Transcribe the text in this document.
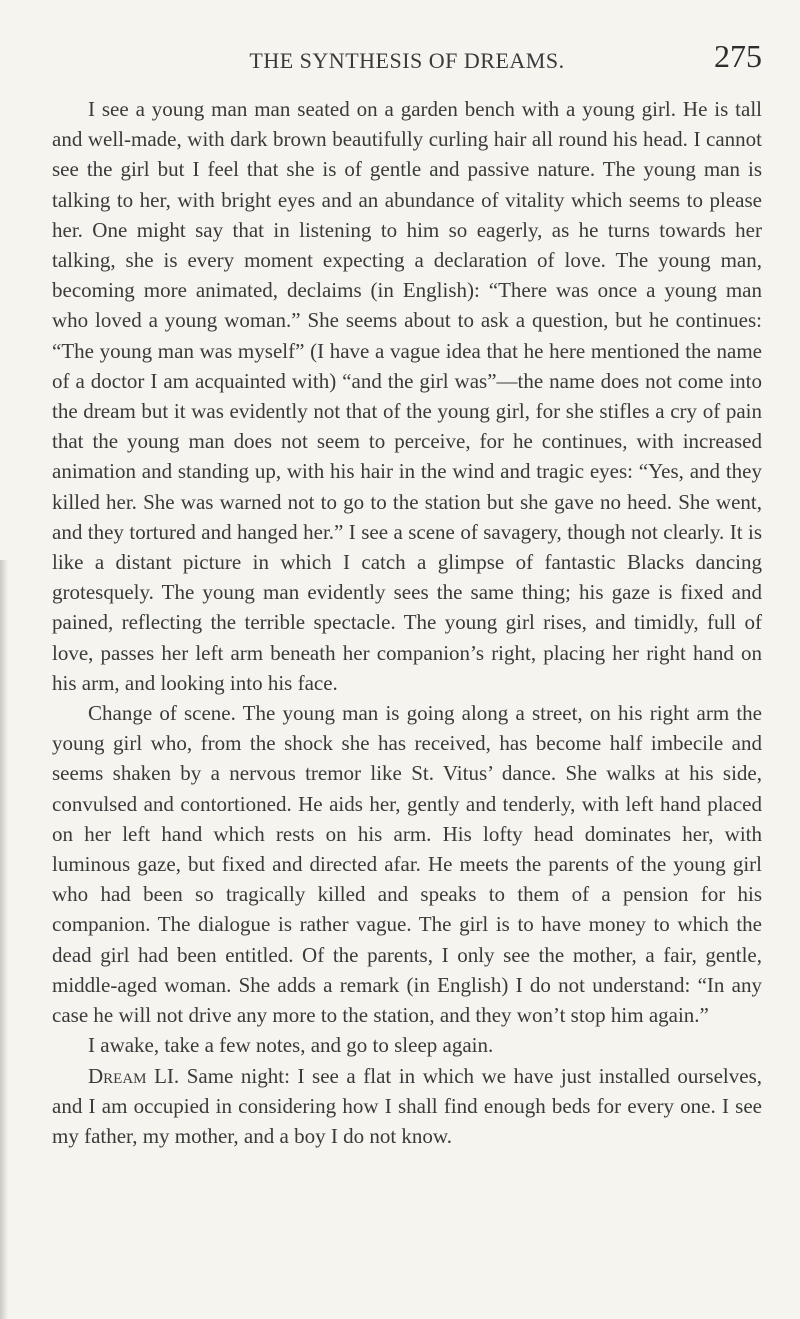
THE SYNTHESIS OF DREAMS.	275

I see a young man man seated on a garden bench with a young girl. He is tall and well-made, with dark brown beautifully curling hair all round his head. I cannot see the girl but I feel that she is of gentle and passive nature. The young man is talking to her, with bright eyes and an abundance of vitality which seems to please her. One might say that in listening to him so eagerly, as he turns towards her talking, she is every moment expecting a declaration of love. The young man, becoming more animated, declaims (in English): “There was once a young man who loved a young woman.” She seems about to ask a question, but he continues: “The young man was myself” (I have a vague idea that he here mentioned the name of a doctor I am acquainted with) “and the girl was”—the name does not come into the dream but it was evidently not that of the young girl, for she stifles a cry of pain that the young man does not seem to perceive, for he continues, with increased animation and standing up, with his hair in the wind and tragic eyes: “Yes, and they killed her. She was warned not to go to the station but she gave no heed. She went, and they tortured and hanged her.” I see a scene of savagery, though not clearly. It is like a distant picture in which I catch a glimpse of fantastic Blacks dancing grotesquely. The young man evidently sees the same thing; his gaze is fixed and pained, reflecting the terrible spectacle. The young girl rises, and timidly, full of love, passes her left arm beneath her companion’s right, placing her right hand on his arm, and looking into his face.

Change of scene. The young man is going along a street, on his right arm the young girl who, from the shock she has received, has become half imbecile and seems shaken by a nervous tremor like St. Vitus’ dance. She walks at his side, convulsed and contortioned. He aids her, gently and tenderly, with left hand placed on her left hand which rests on his arm. His lofty head dominates her, with luminous gaze, but fixed and directed afar. He meets the parents of the young girl who had been so tragically killed and speaks to them of a pension for his companion. The dialogue is rather vague. The girl is to have money to which the dead girl had been entitled. Of the parents, I only see the mother, a fair, gentle, middle-aged woman. She adds a remark (in English) I do not understand: “In any case he will not drive any more to the station, and they won’t stop him again.”

I awake, take a few notes, and go to sleep again.

Dream LI. Same night: I see a flat in which we have just installed ourselves, and I am occupied in considering how I shall find enough beds for every one. I see my father, my mother, and a boy I do not know.
